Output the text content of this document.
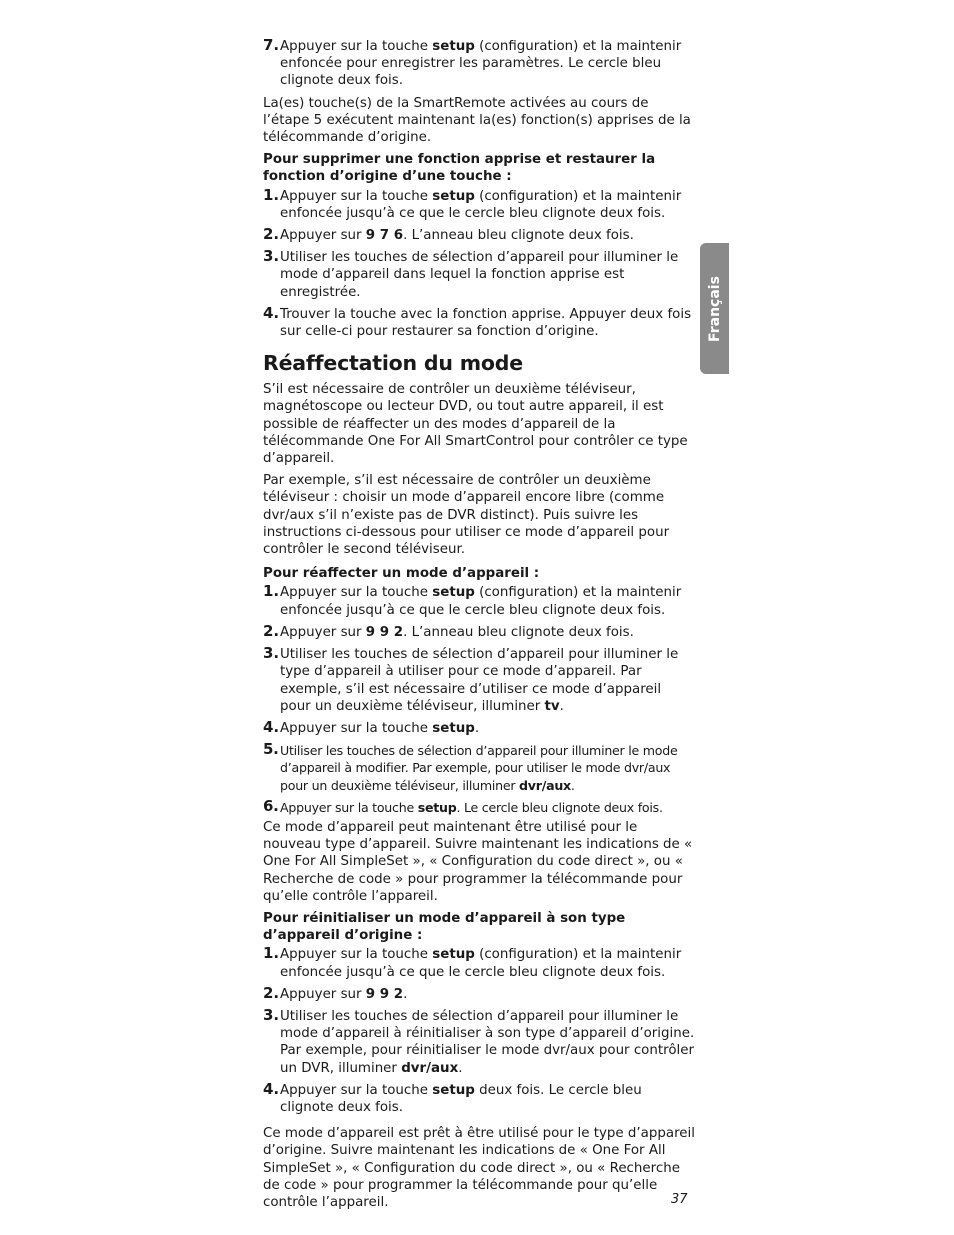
7. Appuyer sur la touche setup (configuration) et la maintenir enfoncée pour enregistrer les paramètres. Le cercle bleu clignote deux fois.

La(es) touche(s) de la SmartRemote activées au cours de l’étape 5 exécutent maintenant la(es) fonction(s) apprises de la télécommande d’origine.

Pour supprimer une fonction apprise et restaurer la fonction d’origine d’une touche :
1. Appuyer sur la touche setup (configuration) et la maintenir enfoncée jusqu’à ce que le cercle bleu clignote deux fois.
2. Appuyer sur 9 7 6. L’anneau bleu clignote deux fois.
3. Utiliser les touches de sélection d’appareil pour illuminer le mode d’appareil dans lequel la fonction apprise est enregistrée.
4. Trouver la touche avec la fonction apprise. Appuyer deux fois sur celle-ci pour restaurer sa fonction d’origine.
Réaffectation du mode

S’il est nécessaire de contrôler un deuxième téléviseur, magnétoscope ou lecteur DVD, ou tout autre appareil, il est possible de réaffecter un des modes d’appareil de la télécommande One For All SmartControl pour contrôler ce type d’appareil.

Par exemple, s’il est nécessaire de contrôler un deuxième téléviseur : choisir un mode d’appareil encore libre (comme dvr/aux s’il n’existe pas de DVR distinct). Puis suivre les instructions ci-dessous pour utiliser ce mode d’appareil pour contrôler le second téléviseur.

Pour réaffecter un mode d’appareil :
1. Appuyer sur la touche setup (configuration) et la maintenir enfoncée jusqu’à ce que le cercle bleu clignote deux fois.
2. Appuyer sur 9 9 2. L’anneau bleu clignote deux fois.
3. Utiliser les touches de sélection d’appareil pour illuminer le type d’appareil à utiliser pour ce mode d’appareil. Par exemple, s’il est nécessaire d’utiliser ce mode d’appareil pour un deuxième téléviseur, illuminer tv.
4. Appuyer sur la touche setup.
5. Utiliser les touches de sélection d’appareil pour illuminer le mode d’appareil à modifier. Par exemple, pour utiliser le mode dvr/aux pour un deuxième téléviseur, illuminer dvr/aux.
6. Appuyer sur la touche setup. Le cercle bleu clignote deux fois.

Ce mode d’appareil peut maintenant être utilisé pour le nouveau type d’appareil. Suivre maintenant les indications de « One For All SimpleSet », « Configuration du code direct », ou « Recherche de code » pour programmer la télécommande pour qu’elle contrôle l’appareil.

Pour réinitialiser un mode d’appareil à son type d’appareil d’origine :
1. Appuyer sur la touche setup (configuration) et la maintenir enfoncée jusqu’à ce que le cercle bleu clignote deux fois.
2. Appuyer sur 9 9 2.
3. Utiliser les touches de sélection d’appareil pour illuminer le mode d’appareil à réinitialiser à son type d’appareil d’origine. Par exemple, pour réinitialiser le mode dvr/aux pour contrôler un DVR, illuminer dvr/aux.
4. Appuyer sur la touche setup deux fois. Le cercle bleu clignote deux fois.

Ce mode d’appareil est prêt à être utilisé pour le type d’appareil d’origine. Suivre maintenant les indications de « One For All SimpleSet », « Configuration du code direct », ou « Recherche de code » pour programmer la télécommande pour qu’elle contrôle l’appareil.

Français
37
